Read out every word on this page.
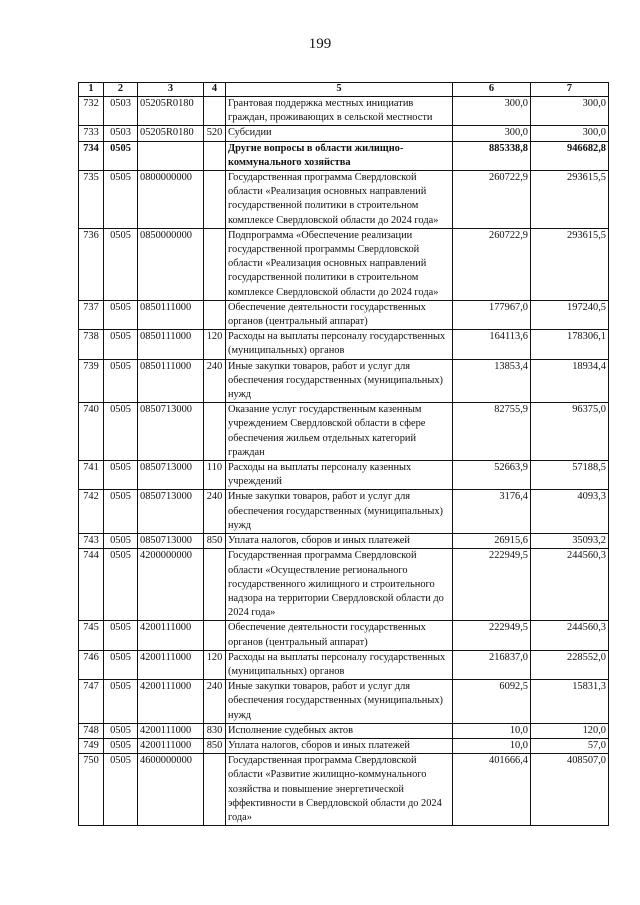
199
1	2	3	4	5	6	7
732	0503	05205R0180		Грантовая поддержка местных инициатив граждан, проживающих в сельской местности	300,0	300,0
733	0503	05205R0180	520	Субсидии	300,0	300,0
734	0505			Другие вопросы в области жилищно-коммунального хозяйства	885338,8	946682,8
735	0505	0800000000		Государственная программа Свердловской области «Реализация основных направлений государственной политики в строительном комплексе Свердловской области до 2024 года»	260722,9	293615,5
736	0505	0850000000		Подпрограмма «Обеспечение реализации государственной программы Свердловской области «Реализация основных направлений государственной политики в строительном комплексе Свердловской области до 2024 года»	260722,9	293615,5
737	0505	0850111000		Обеспечение деятельности государственных органов (центральный аппарат)	177967,0	197240,5
738	0505	0850111000	120	Расходы на выплаты персоналу государственных (муниципальных) органов	164113,6	178306,1
739	0505	0850111000	240	Иные закупки товаров, работ и услуг для обеспечения государственных (муниципальных) нужд	13853,4	18934,4
740	0505	0850713000		Оказание услуг государственным казенным учреждением Свердловской области в сфере обеспечения жильем отдельных категорий граждан	82755,9	96375,0
741	0505	0850713000	110	Расходы на выплаты персоналу казенных учреждений	52663,9	57188,5
742	0505	0850713000	240	Иные закупки товаров, работ и услуг для обеспечения государственных (муниципальных) нужд	3176,4	4093,3
743	0505	0850713000	850	Уплата налогов, сборов и иных платежей	26915,6	35093,2
744	0505	4200000000		Государственная программа Свердловской области «Осуществление регионального государственного жилищного и строительного надзора на территории Свердловской области до 2024 года»	222949,5	244560,3
745	0505	4200111000		Обеспечение деятельности государственных органов (центральный аппарат)	222949,5	244560,3
746	0505	4200111000	120	Расходы на выплаты персоналу государственных (муниципальных) органов	216837,0	228552,0
747	0505	4200111000	240	Иные закупки товаров, работ и услуг для обеспечения государственных (муниципальных) нужд	6092,5	15831,3
748	0505	4200111000	830	Исполнение судебных актов	10,0	120,0
749	0505	4200111000	850	Уплата налогов, сборов и иных платежей	10,0	57,0
750	0505	4600000000		Государственная программа Свердловской области «Развитие жилищно-коммунального хозяйства и повышение энергетической эффективности в Свердловской области до 2024 года»	401666,4	408507,0
